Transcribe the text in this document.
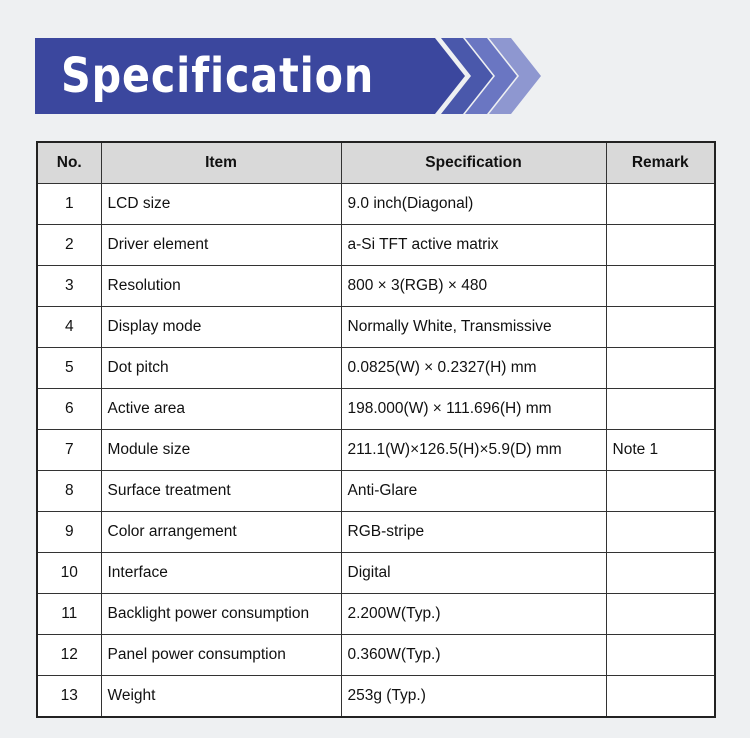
Specification
No.	Item	Specification	Remark
1	LCD size	9.0 inch(Diagonal)	
2	Driver element	a-Si TFT active matrix	
3	Resolution	800 × 3(RGB) × 480	
4	Display mode	Normally White, Transmissive	
5	Dot pitch	0.0825(W) × 0.2327(H) mm	
6	Active area	198.000(W) × 111.696(H) mm	
7	Module size	211.1(W)×126.5(H)×5.9(D) mm	Note 1
8	Surface treatment	Anti-Glare	
9	Color arrangement	RGB-stripe	
10	Interface	Digital	
11	Backlight power consumption	2.200W(Typ.)	
12	Panel power consumption	0.360W(Typ.)	
13	Weight	253g (Typ.)	
